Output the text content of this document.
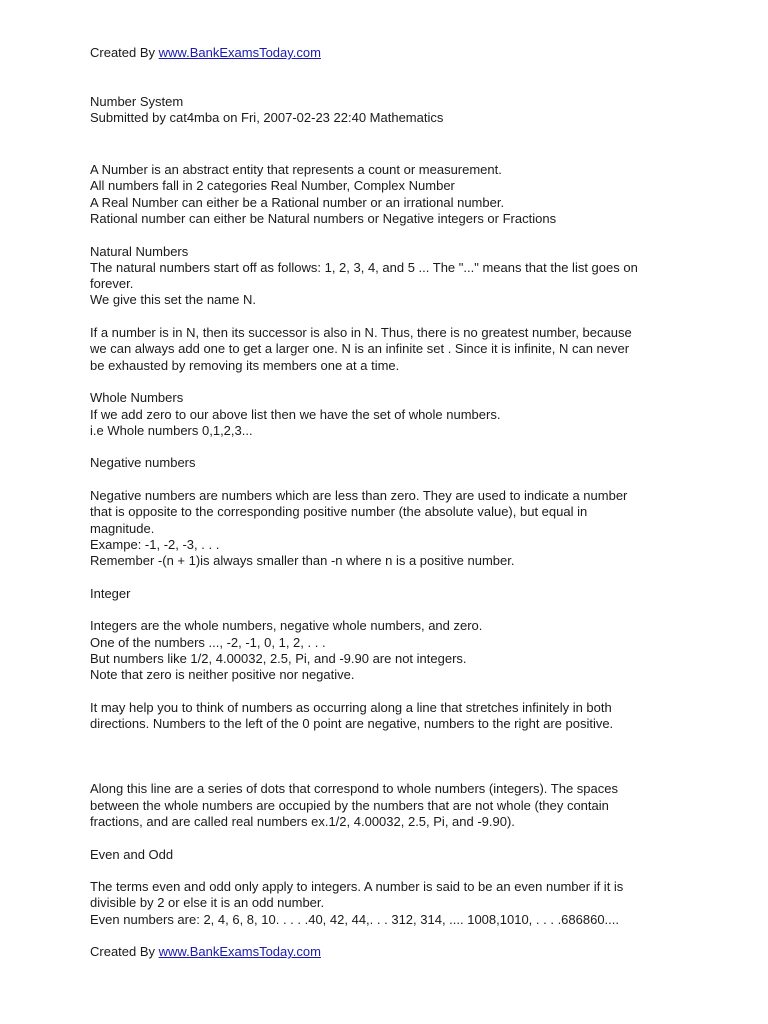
Created By www.BankExamsToday.com
Number System
Submitted by cat4mba on Fri, 2007-02-23 22:40 Mathematics
A Number is an abstract entity that represents a count or measurement.
All numbers fall in 2 categories Real Number, Complex Number
A Real Number can either be a Rational number or an irrational number.
Rational number can either be Natural numbers or Negative integers or Fractions
Natural Numbers
The natural numbers start off as follows: 1, 2, 3, 4, and 5 ... The "..." means that the list goes on
forever.
We give this set the name N.
If a number is in N, then its successor is also in N. Thus, there is no greatest number, because
we can always add one to get a larger one. N is an infinite set . Since it is infinite, N can never
be exhausted by removing its members one at a time.
Whole Numbers
If we add zero to our above list then we have the set of whole numbers.
i.e Whole numbers 0,1,2,3...
Negative numbers
Negative numbers are numbers which are less than zero. They are used to indicate a number
that is opposite to the corresponding positive number (the absolute value), but equal in
magnitude.
Exampe: -1, -2, -3, . . .
Remember -(n + 1)is always smaller than -n where n is a positive number.
Integer
Integers are the whole numbers, negative whole numbers, and zero.
One of the numbers ..., -2, -1, 0, 1, 2, . . .
But numbers like 1/2, 4.00032, 2.5, Pi, and -9.90 are not integers.
Note that zero is neither positive nor negative.
It may help you to think of numbers as occurring along a line that stretches infinitely in both
directions. Numbers to the left of the 0 point are negative, numbers to the right are positive.
Along this line are a series of dots that correspond to whole numbers (integers). The spaces
between the whole numbers are occupied by the numbers that are not whole (they contain
fractions, and are called real numbers ex.1/2, 4.00032, 2.5, Pi, and -9.90).
Even and Odd
The terms even and odd only apply to integers. A number is said to be an even number if it is
divisible by 2 or else it is an odd number.
Even numbers are: 2, 4, 6, 8, 10. . . . .40, 42, 44,. . . 312, 314, .... 1008,1010, . . . .686860....
Created By www.BankExamsToday.com
